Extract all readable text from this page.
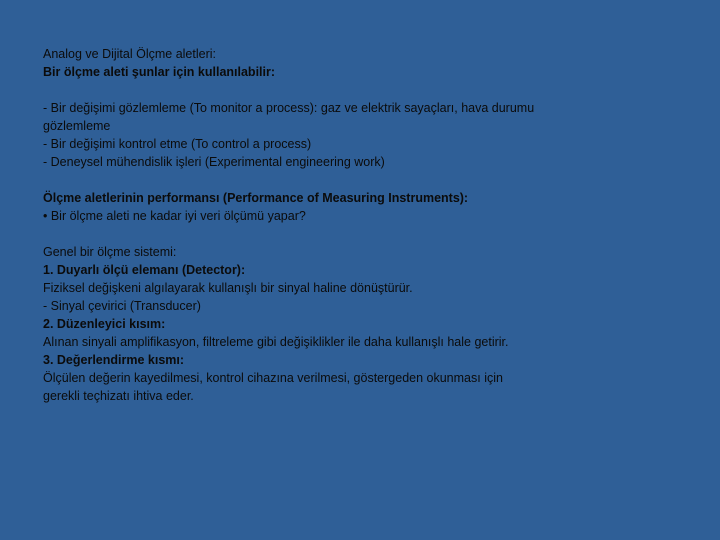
Analog ve Dijital Ölçme aletleri:
Bir ölçme aleti şunlar için kullanılabilir:
- Bir değişimi gözlemleme (To monitor a process): gaz ve elektrik sayaçları, hava durumu gözlemleme
- Bir değişimi kontrol etme (To control a process)
- Deneysel mühendislik işleri (Experimental engineering work)
Ölçme aletlerinin performansı (Performance of Measuring Instruments):
• Bir ölçme aleti ne kadar iyi veri ölçümü yapar?
Genel bir ölçme sistemi:
1. Duyarlı ölçü elemanı (Detector):
Fiziksel değişkeni algılayarak kullanışlı bir sinyal haline dönüştürür.
- Sinyal çevirici (Transducer)
2. Düzenleyici kısım:
Alınan sinyali amplifikasyon, filtreleme gibi değişiklikler ile daha kullanışlı hale getirir.
3. Değerlendirme kısmı:
Ölçülen değerin kayedilmesi, kontrol cihazına verilmesi, göstergeden okunması için gerekli teçhizatı ihtiva eder.
